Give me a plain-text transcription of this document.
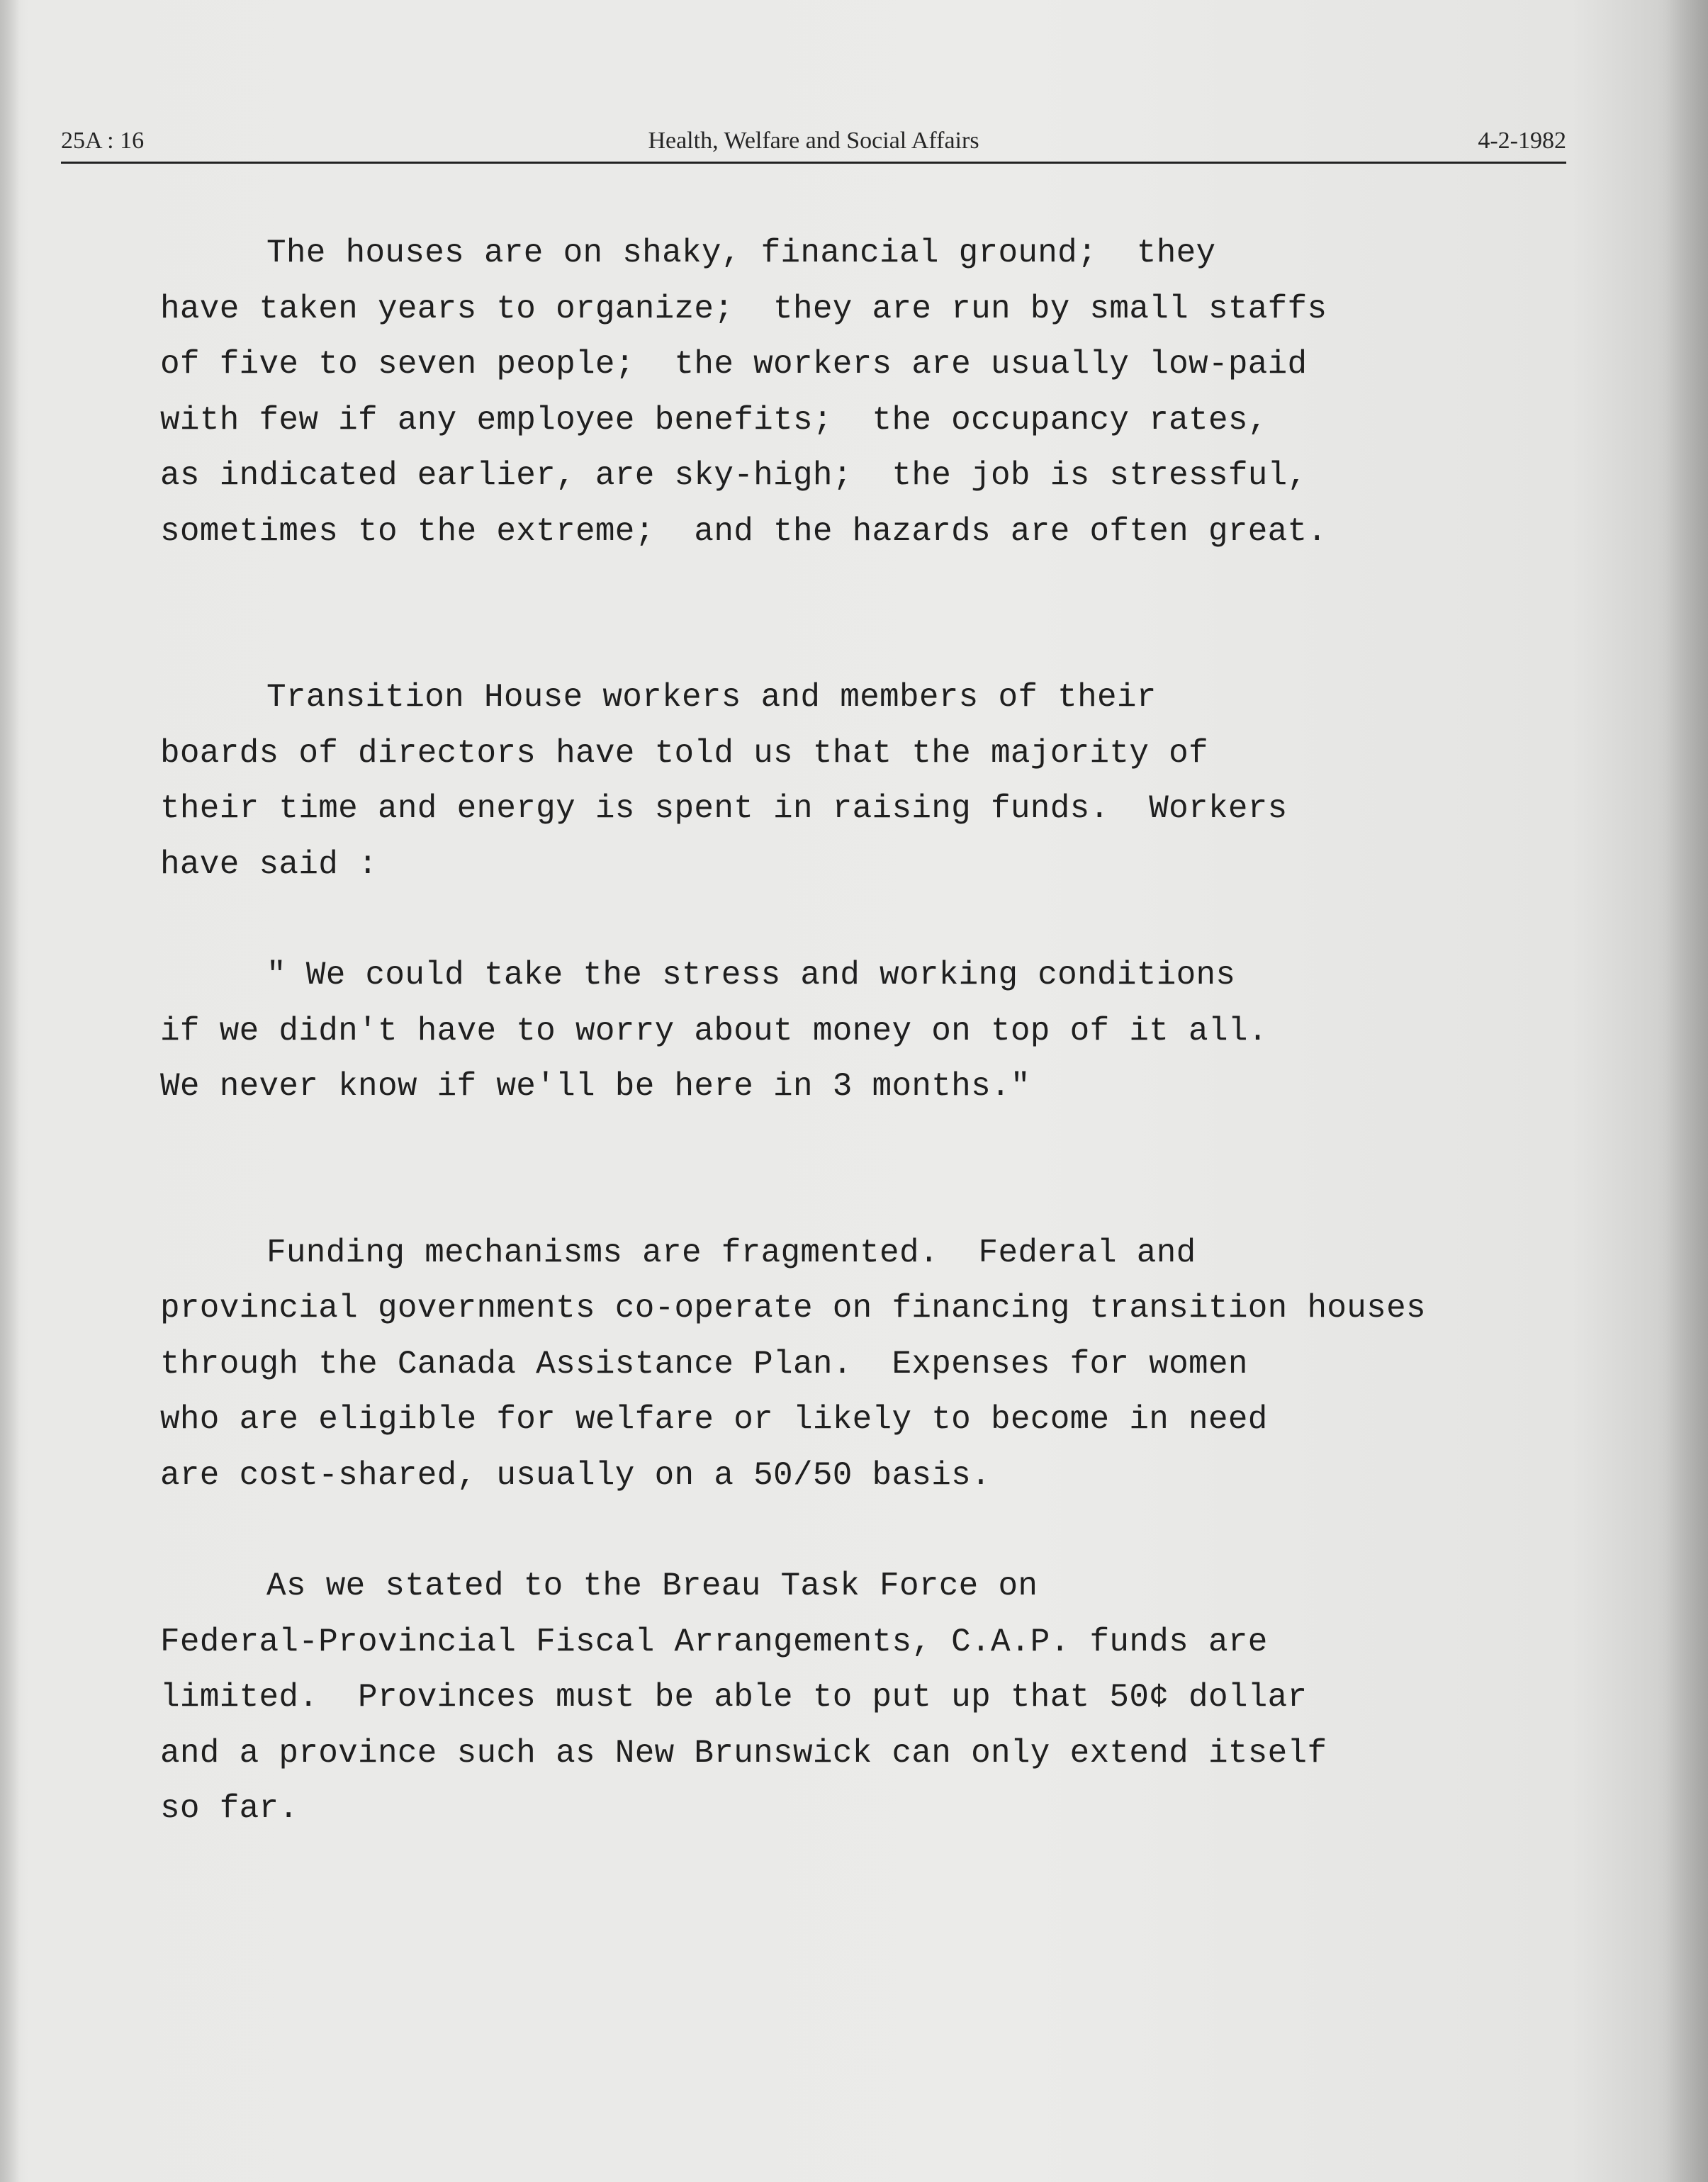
25A : 16	Health, Welfare and Social Affairs	4-2-1982
The houses are on shaky, financial ground;  they
have taken years to organize;  they are run by small staffs
of five to seven people;  the workers are usually low-paid
with few if any employee benefits;  the occupancy rates,
as indicated earlier, are sky-high;  the job is stressful,
sometimes to the extreme;  and the hazards are often great.
Transition House workers and members of their
boards of directors have told us that the majority of
their time and energy is spent in raising funds.  Workers
have said :
" We could take the stress and working conditions
if we didn't have to worry about money on top of it all.
We never know if we'll be here in 3 months."
Funding mechanisms are fragmented.  Federal and
provincial governments co-operate on financing transition houses
through the Canada Assistance Plan.  Expenses for women
who are eligible for welfare or likely to become in need
are cost-shared, usually on a 50/50 basis.
As we stated to the Breau Task Force on
Federal-Provincial Fiscal Arrangements, C.A.P. funds are
limited.  Provinces must be able to put up that 50¢ dollar
and a province such as New Brunswick can only extend itself
so far.
